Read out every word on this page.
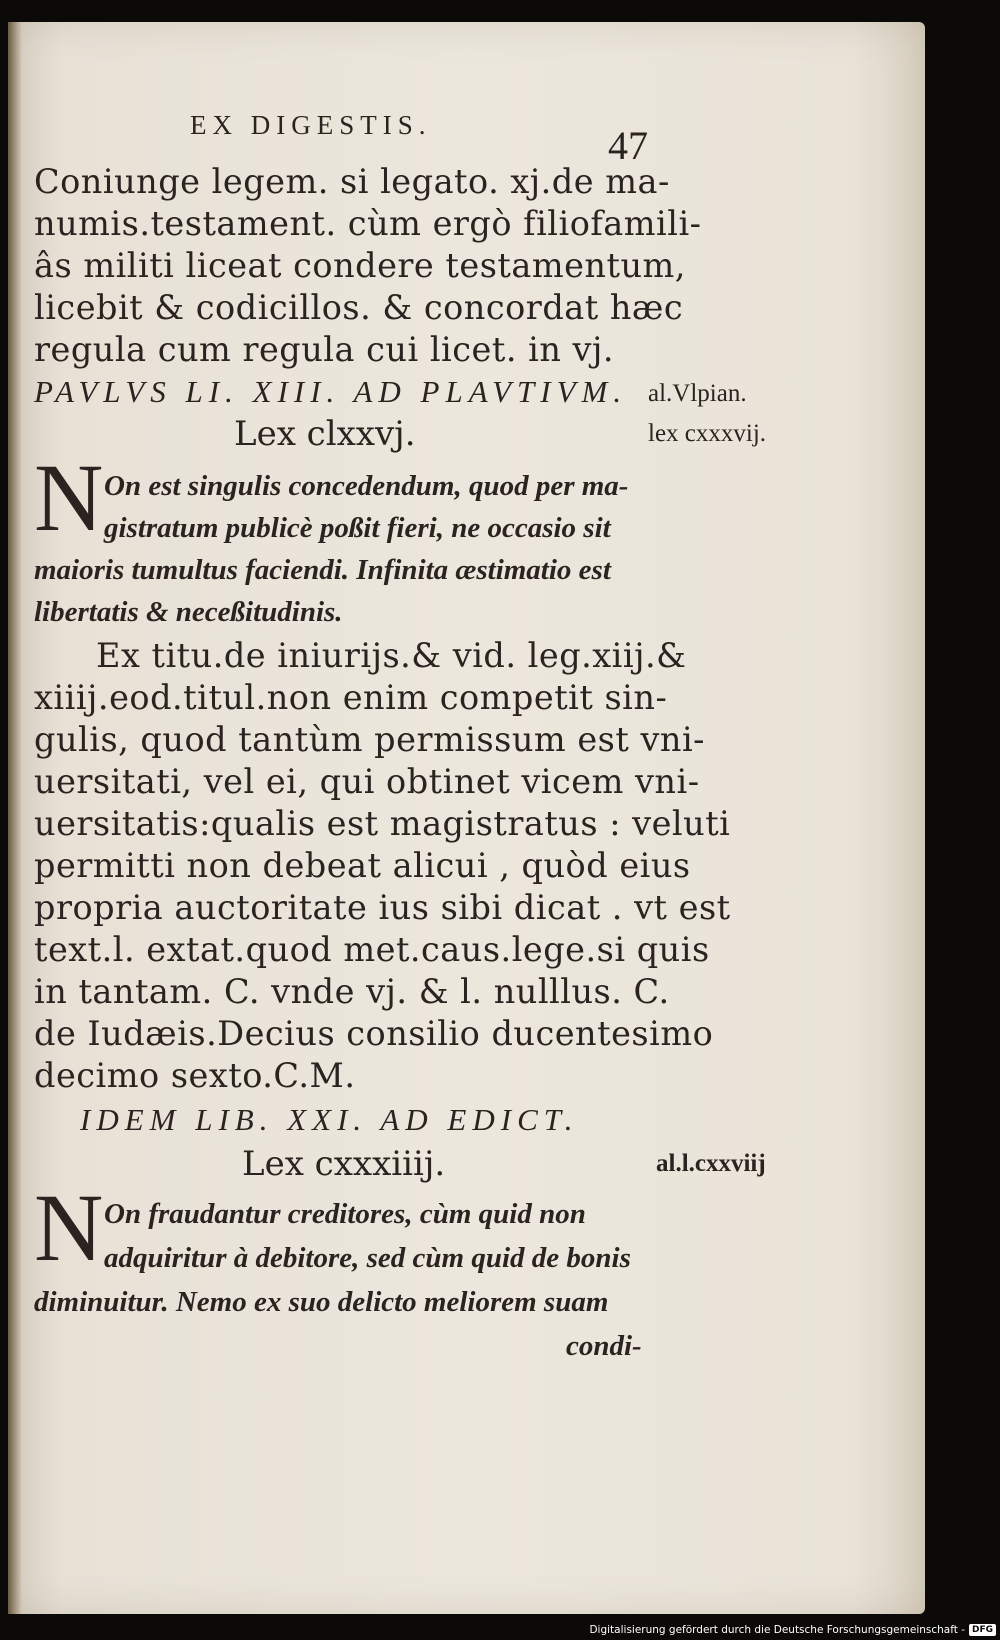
EX DIGESTIS.	47
Coniunge legem. si legato. xj.de ma-
numis.testament. cùm ergò filiofamili-
âs militi liceat condere testamentum,
licebit & codicillos. & concordat hæc
regula cum regula cui licet. in vj.
PAVLVS LI. XIII. AD PLAVTIVM. al.Vlpian.
Lex clxxvj.	lex cxxxvij.
N On est singulis concedendum, quod per ma-
gistratum publicè poßit fieri, ne occasio sit
maioris tumultus faciendi. Infinita æstimatio est
libertatis & neceßitudinis.
Ex titu.de iniurijs.& vid. leg.xiij.&
xiiij.eod.titul.non enim competit sin-
gulis, quod tantùm permissum est vni-
uersitati, vel ei, qui obtinet vicem vni-
uersitatis:qualis est magistratus : veluti
permitti non debeat alicui , quòd eius
propria auctoritate ius sibi dicat . vt est
text.l. extat.quod met.caus.lege.si quis
in tantam. C. vnde vj. & l. nulllus. C.
de Iudæis.Decius consilio ducentesimo
decimo sexto.C.M.
IDEM LIB. XXI. AD EDICT.
Lex cxxxiiij.	al.l.cxxviij
N On fraudantur creditores, cùm quid non
adquiritur à debitore, sed cùm quid de bonis
diminuitur. Nemo ex suo delicto meliorem suam
condi-
Digitalisierung gefördert durch die Deutsche Forschungsgemeinschaft - DFG
